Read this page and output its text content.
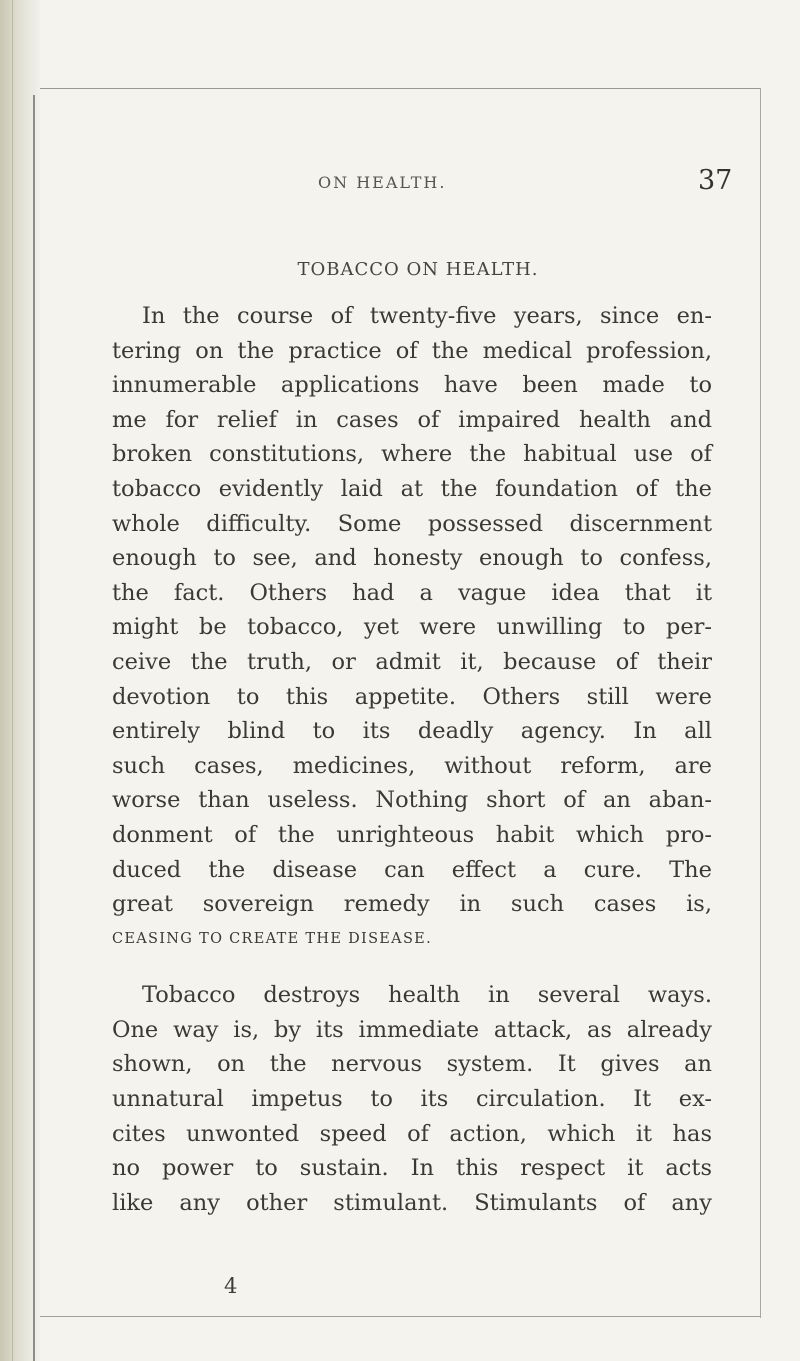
ON HEALTH.	37
TOBACCO ON HEALTH.
In the course of twenty-five years, since en-
tering on the practice of the medical profession,
innumerable applications have been made to
me for relief in cases of impaired health and
broken constitutions, where the habitual use of
tobacco evidently laid at the foundation of the
whole difficulty. Some possessed discernment
enough to see, and honesty enough to confess,
the fact. Others had a vague idea that it
might be tobacco, yet were unwilling to per-
ceive the truth, or admit it, because of their
devotion to this appetite. Others still were
entirely blind to its deadly agency. In all
such cases, medicines, without reform, are
worse than useless. Nothing short of an aban-
donment of the unrighteous habit which pro-
duced the disease can effect a cure. The
great sovereign remedy in such cases is,
CEASING TO CREATE THE DISEASE.
Tobacco destroys health in several ways.
One way is, by its immediate attack, as already
shown, on the nervous system. It gives an
unnatural impetus to its circulation. It ex-
cites unwonted speed of action, which it has
no power to sustain. In this respect it acts
like any other stimulant. Stimulants of any
4
